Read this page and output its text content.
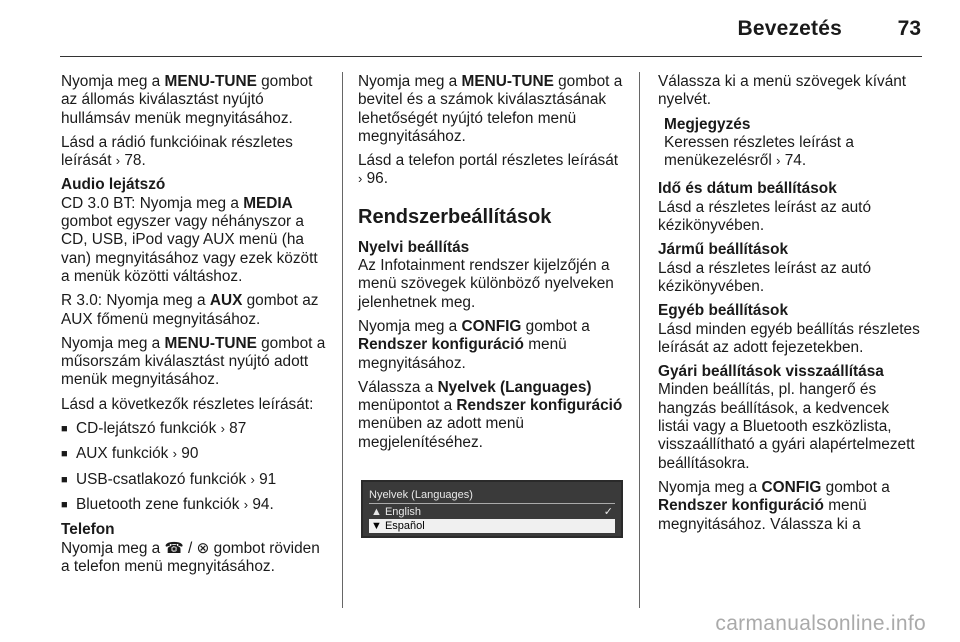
Bevezetés	73

Nyomja meg a MENU-TUNE gombot az állomás kiválasztást nyújtó hullámsáv menük megnyitásához.

Lásd a rádió funkcióinak részletes leírását › 78.

Audio lejátszó

CD 3.0 BT: Nyomja meg a MEDIA gombot egyszer vagy néhányszor a CD, USB, iPod vagy AUX menü (ha van) megnyitásához vagy ezek között a menük közötti váltáshoz.

R 3.0: Nyomja meg a AUX gombot az AUX főmenü megnyitásához.

Nyomja meg a MENU-TUNE gombot a műsorszám kiválasztást nyújtó adott menük megnyitásához.

Lásd a következők részletes leírását:

■ CD-lejátszó funkciók › 87
■ AUX funkciók › 90
■ USB-csatlakozó funkciók › 91
■ Bluetooth zene funkciók › 94.

Telefon

Nyomja meg a ☎ / ⊗ gombot röviden a telefon menü megnyitásához.

Nyomja meg a MENU-TUNE gombot a bevitel és a számok kiválasztásának lehetőségét nyújtó telefon menü megnyitásához.

Lásd a telefon portál részletes leírását › 96.

Rendszerbeállítások

Nyelvi beállítás

Az Infotainment rendszer kijelzőjén a menü szövegek különböző nyelveken jelenhetnek meg.

Nyomja meg a CONFIG gombot a Rendszer konfiguráció menü megnyitásához.

Válassza a Nyelvek (Languages) menüpontot a Rendszer konfiguráció menüben az adott menü megjelenítéséhez.

Nyelvek (Languages)
▲ English	✓
▼ Español

Válassza ki a menü szövegek kívánt nyelvét.

Megjegyzés

Keressen részletes leírást a menükezelésről › 74.

Idő és dátum beállítások

Lásd a részletes leírást az autó kézikönyvében.

Jármű beállítások

Lásd a részletes leírást az autó kézikönyvében.

Egyéb beállítások

Lásd minden egyéb beállítás részletes leírását az adott fejezetekben.

Gyári beállítások visszaállítása

Minden beállítás, pl. hangerő és hangzás beállítások, a kedvencek listái vagy a Bluetooth eszközlista, visszaállítható a gyári alapértelmezett beállításokra.

Nyomja meg a CONFIG gombot a Rendszer konfiguráció menü megnyitásához. Válassza ki a

carmanualsonline.info
